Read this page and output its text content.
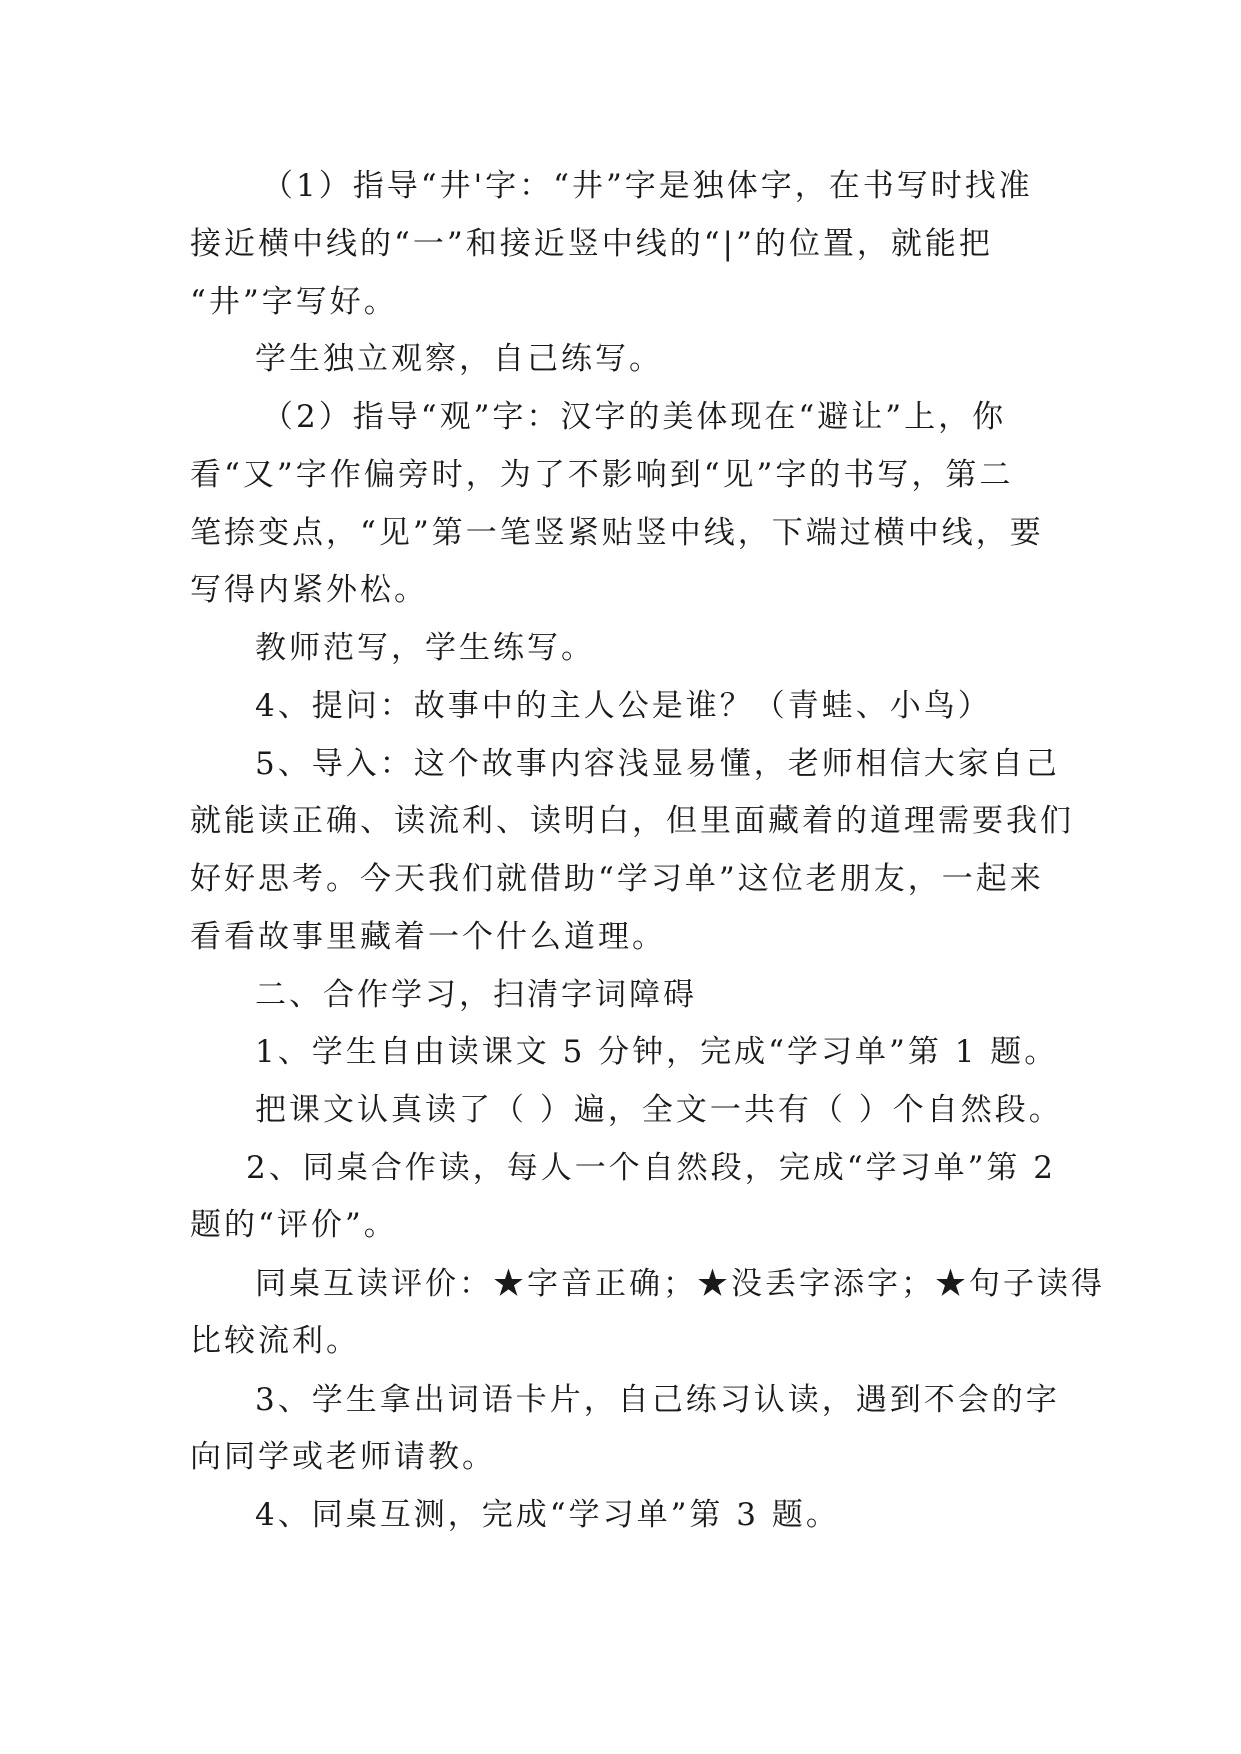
（1）指导“井'字：“井”字是独体字，在书写时找准
接近横中线的“一”和接近竖中线的“|”的位置，就能把
“井”字写好。
学生独立观察，自己练写。
（2）指导“观”字：汉字的美体现在“避让”上，你
看“又”字作偏旁时，为了不影响到“见”字的书写，第二
笔捺变点，“见”第一笔竖紧贴竖中线，下端过横中线，要
写得内紧外松。
教师范写，学生练写。
4、提问：故事中的主人公是谁？（青蛙、小鸟）
5、导入：这个故事内容浅显易懂，老师相信大家自己
就能读正确、读流利、读明白，但里面藏着的道理需要我们
好好思考。今天我们就借助“学习单”这位老朋友，一起来
看看故事里藏着一个什么道理。
二、合作学习，扫清字词障碍
1、学生自由读课文 5 分钟，完成“学习单”第 1 题。
把课文认真读了（ ）遍，全文一共有（ ）个自然段。
2、同桌合作读，每人一个自然段，完成“学习单”第 2
题的“评价”。
同桌互读评价：★字音正确；★没丢字添字；★句子读得
比较流利。
3、学生拿出词语卡片，自己练习认读，遇到不会的字
向同学或老师请教。
4、同桌互测，完成“学习单”第 3 题。
